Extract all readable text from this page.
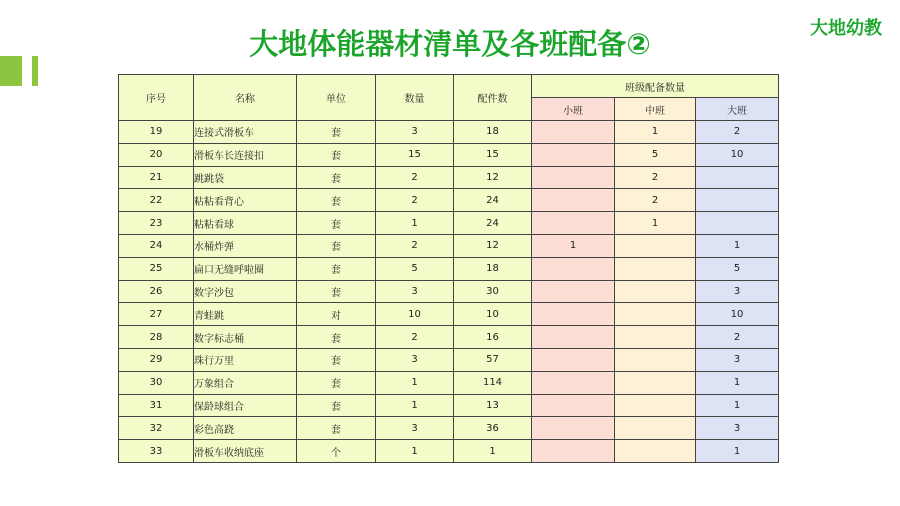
大地幼教
大地体能器材清单及各班配备②
序号	名称	单位	数量	配件数	班级配备数量		
					小班	中班	大班
19	连接式滑板车	套	3	18		1	2
20	滑板车长连接扣	套	15	15		5	10
21	跳跳袋	套	2	12		2	
22	粘粘看背心	套	2	24		2	
23	粘粘看球	套	1	24		1	
24	水桶炸弹	套	2	12	1		1
25	扁口无缝呼啦圈	套	5	18			5
26	数字沙包	套	3	30			3
27	青蛙跳	对	10	10			10
28	数字标志桶	套	2	16			2
29	珠行万里	套	3	57			3
30	万象组合	套	1	114			1
31	保龄球组合	套	1	13			1
32	彩色高跷	套	3	36			3
33	滑板车收纳底座	个	1	1			1
